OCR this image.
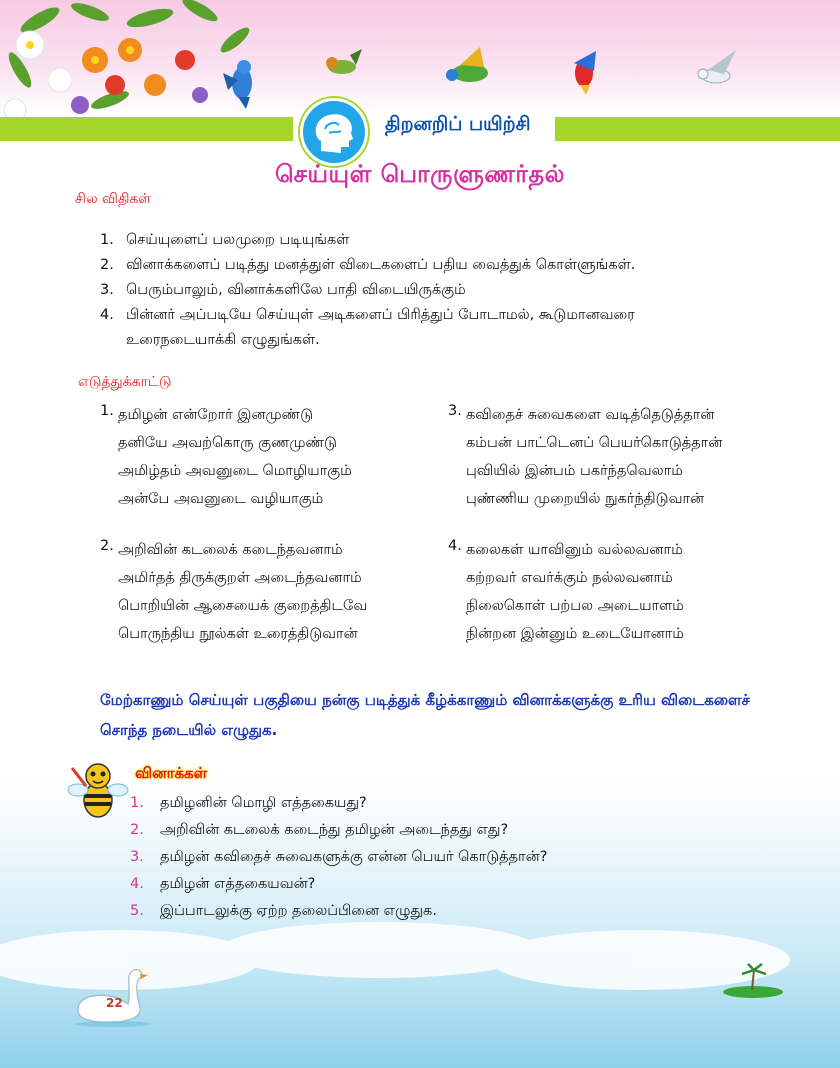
திறனறிப் பயிற்சி
செய்யுள் பொருளுணர்தல்
சில விதிகள்
1. செய்யுளைப் பலமுறை படியுங்கள்
2. வினாக்களைப் படித்து மனத்துள் விடைகளைப் பதிய வைத்துக் கொள்ளுங்கள்.
3. பெரும்பாலும், வினாக்களிலே பாதி விடையிருக்கும்
4. பின்னர் அப்படியே செய்யுள் அடிகளைப் பிரித்துப் போடாமல், கூடுமானவரை உரைநடையாக்கி எழுதுங்கள்.
எடுத்துக்காட்டு
1. தமிழன் என்றோர் இனமுண்டு
தனியே அவற்கொரு குணமுண்டு
அமிழ்தம் அவனுடை மொழியாகும்
அன்பே அவனுடை வழியாகும்
2. அறிவின் கடலைக் கடைந்தவனாம்
அமிர்தத் திருக்குறள் அடைந்தவனாம்
பொறியின் ஆசையைக் குறைத்திடவே
பொருந்திய நூல்கள் உரைத்திடுவான்
3. கவிதைச் சுவைகளை வடித்தெடுத்தான்
கம்பன் பாட்டெனப் பெயர்கொடுத்தான்
புவியில் இன்பம் பகர்ந்தவெலாம்
புண்ணிய முறையில் நுகர்ந்திடுவான்
4. கலைகள் யாவினும் வல்லவனாம்
கற்றவர் எவர்க்கும் நல்லவனாம்
நிலைகொள் பற்பல அடையாளம்
நின்றன இன்னும் உடையோனாம்
மேற்காணும் செய்யுள் பகுதியை நன்கு படித்துக் கீழ்க்காணும் வினாக்களுக்கு உரிய விடைகளைச் சொந்த நடையில் எழுதுக.
வினாக்கள்
1. தமிழனின் மொழி எத்தகையது?
2. அறிவின் கடலைக் கடைந்து தமிழன் அடைந்தது எது?
3. தமிழன் கவிதைச் சுவைகளுக்கு என்ன பெயர் கொடுத்தான்?
4. தமிழன் எத்தகையவன்?
5. இப்பாடலுக்கு ஏற்ற தலைப்பினை எழுதுக.
22
